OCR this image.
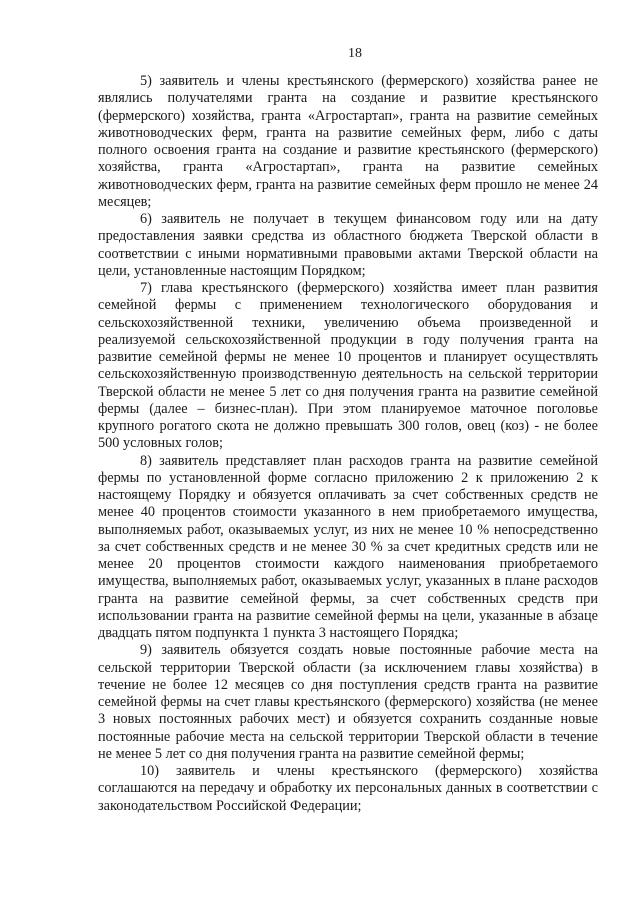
18

5) заявитель и члены крестьянского (фермерского) хозяйства ранее не являлись получателями гранта на создание и развитие крестьянского (фермерского) хозяйства, гранта «Агростартап», гранта на развитие семейных животноводческих ферм, гранта на развитие семейных ферм, либо с даты полного освоения гранта на создание и развитие крестьянского (фермерского) хозяйства, гранта «Агростартап», гранта на развитие семейных животноводческих ферм, гранта на развитие семейных ферм прошло не менее 24 месяцев;

6) заявитель не получает в текущем финансовом году или на дату предоставления заявки средства из областного бюджета Тверской области в соответствии с иными нормативными правовыми актами Тверской области на цели, установленные настоящим Порядком;

7) глава крестьянского (фермерского) хозяйства имеет план развития семейной фермы с применением технологического оборудования и сельскохозяйственной техники, увеличению объема произведенной и реализуемой сельскохозяйственной продукции в году получения гранта на развитие семейной фермы не менее 10 процентов и планирует осуществлять сельскохозяйственную производственную деятельность на сельской территории Тверской области не менее 5 лет со дня получения гранта на развитие семейной фермы (далее – бизнес-план). При этом планируемое маточное поголовье крупного рогатого скота не должно превышать 300 голов, овец (коз) - не более 500 условных голов;

8) заявитель представляет план расходов гранта на развитие семейной фермы по установленной форме согласно приложению 2 к приложению 2 к настоящему Порядку и обязуется оплачивать за счет собственных средств не менее 40 процентов стоимости указанного в нем приобретаемого имущества, выполняемых работ, оказываемых услуг, из них не менее 10 % непосредственно за счет собственных средств и не менее 30 % за счет кредитных средств или не менее 20 процентов стоимости каждого наименования приобретаемого имущества, выполняемых работ, оказываемых услуг, указанных в плане расходов гранта на развитие семейной фермы, за счет собственных средств при использовании гранта на развитие семейной фермы на цели, указанные в абзаце двадцать пятом подпункта 1 пункта 3 настоящего Порядка;

9) заявитель обязуется создать новые постоянные рабочие места на сельской территории Тверской области (за исключением главы хозяйства) в течение не более 12 месяцев со дня поступления средств гранта на развитие семейной фермы на счет главы крестьянского (фермерского) хозяйства (не менее 3 новых постоянных рабочих мест) и обязуется сохранить созданные новые постоянные рабочие места на сельской территории Тверской области в течение не менее 5 лет со дня получения гранта на развитие семейной фермы;

10) заявитель и члены крестьянского (фермерского) хозяйства соглашаются на передачу и обработку их персональных данных в соответствии с законодательством Российской Федерации;
